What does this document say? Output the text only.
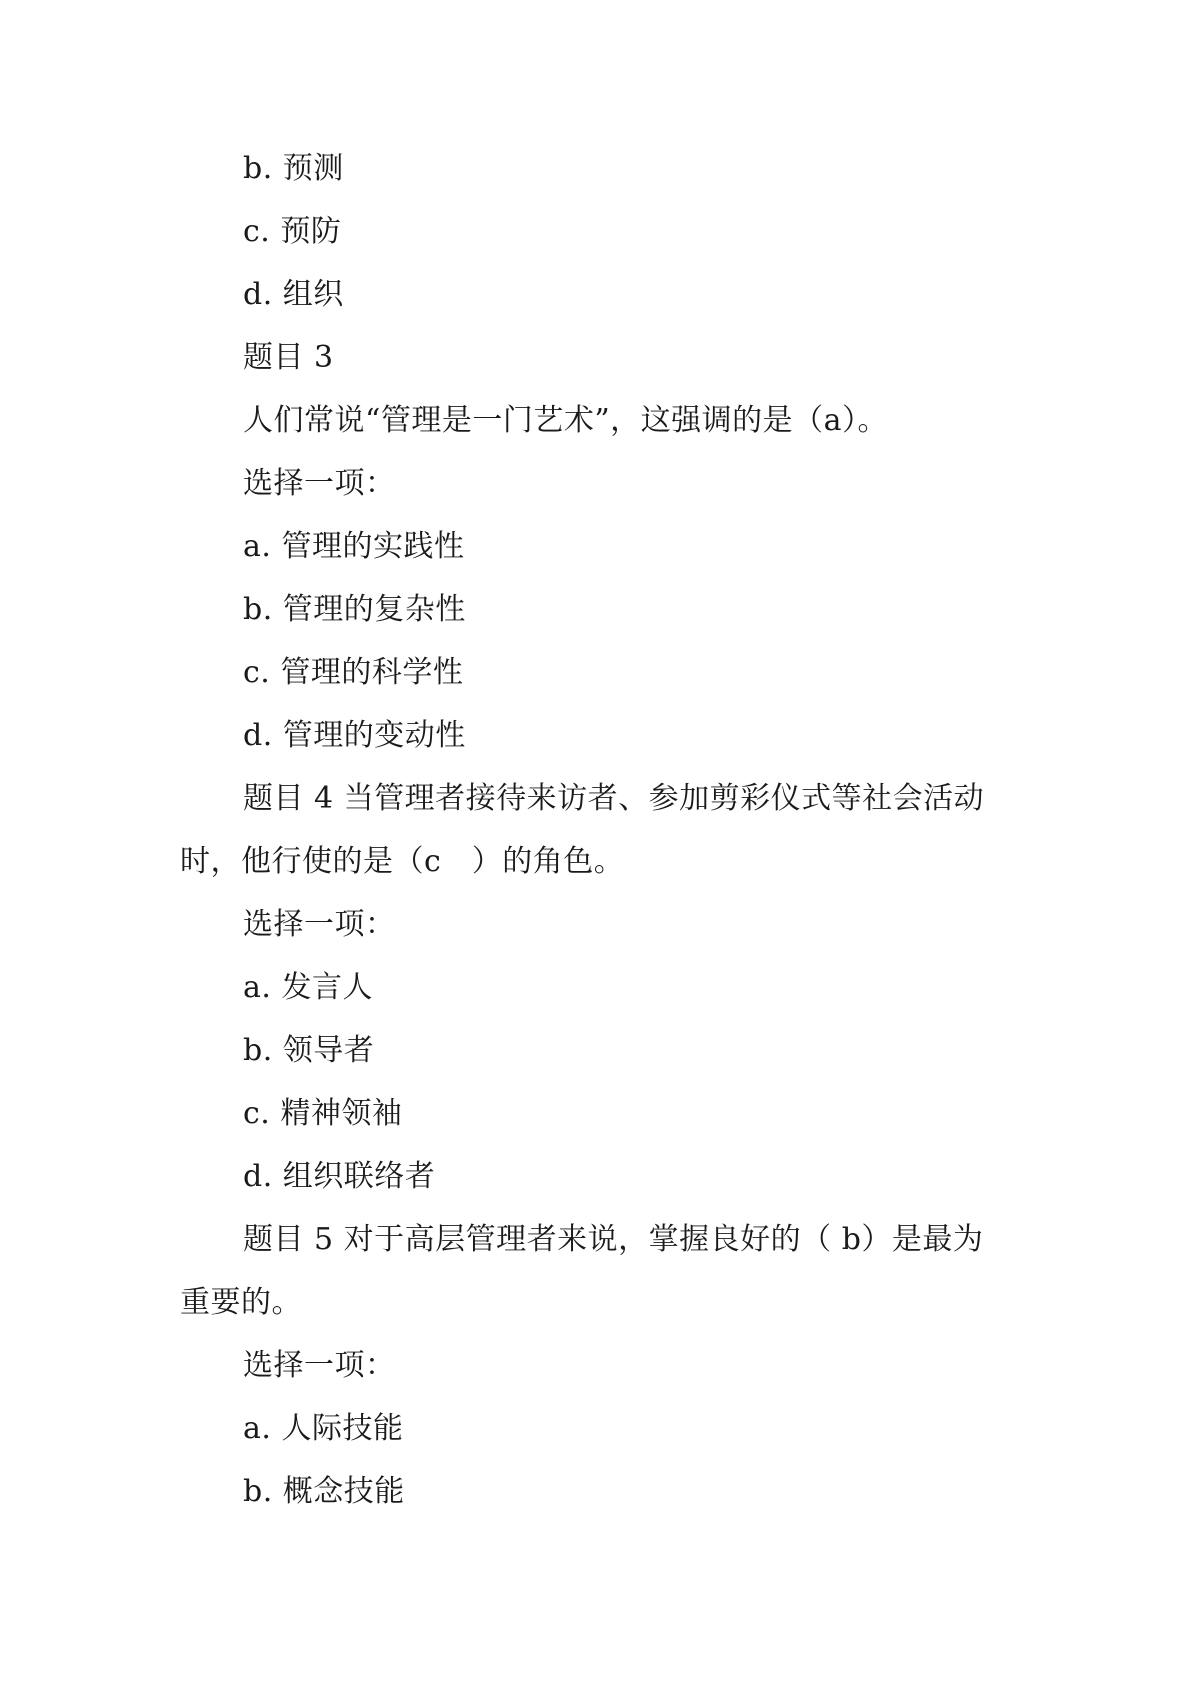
b. 预测
c. 预防
d. 组织
题目 3
人们常说“管理是一门艺术”，这强调的是（a）。
选择一项：
a. 管理的实践性
b. 管理的复杂性
c. 管理的科学性
d. 管理的变动性
题目 4 当管理者接待来访者、参加剪彩仪式等社会活动
时，他行使的是（c　）的角色。
选择一项：
a. 发言人
b. 领导者
c. 精神领袖
d. 组织联络者
题目 5 对于高层管理者来说，掌握良好的（ b）是最为
重要的。
选择一项：
a. 人际技能
b. 概念技能
